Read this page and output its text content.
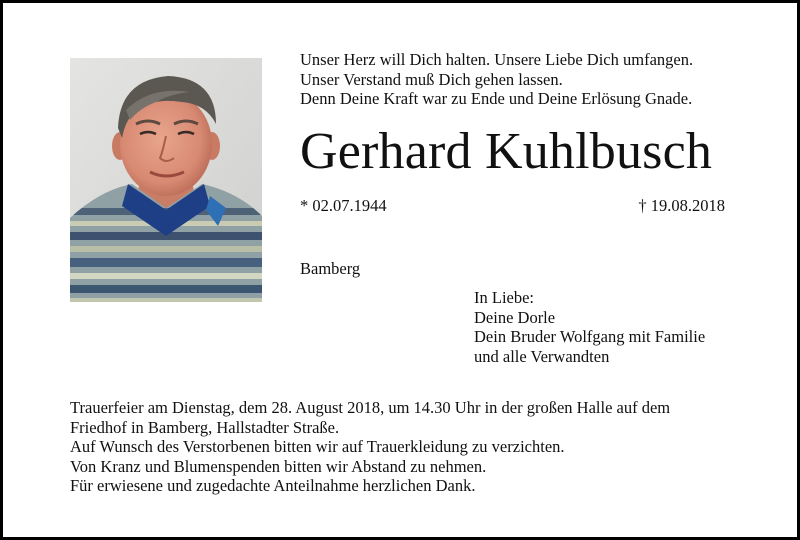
Unser Herz will Dich halten. Unsere Liebe Dich umfangen.
Unser Verstand muß Dich gehen lassen.
Denn Deine Kraft war zu Ende und Deine Erlösung Gnade.
Gerhard Kuhlbusch
* 02.07.1944	† 19.08.2018
Bamberg
In Liebe:
Deine Dorle
Dein Bruder Wolfgang mit Familie
und alle Verwandten
Trauerfeier am Dienstag, dem 28. August 2018, um 14.30 Uhr in der großen Halle auf dem
Friedhof in Bamberg, Hallstadter Straße.
Auf Wunsch des Verstorbenen bitten wir auf Trauerkleidung zu verzichten.
Von Kranz und Blumenspenden bitten wir Abstand zu nehmen.
Für erwiesene und zugedachte Anteilnahme herzlichen Dank.
